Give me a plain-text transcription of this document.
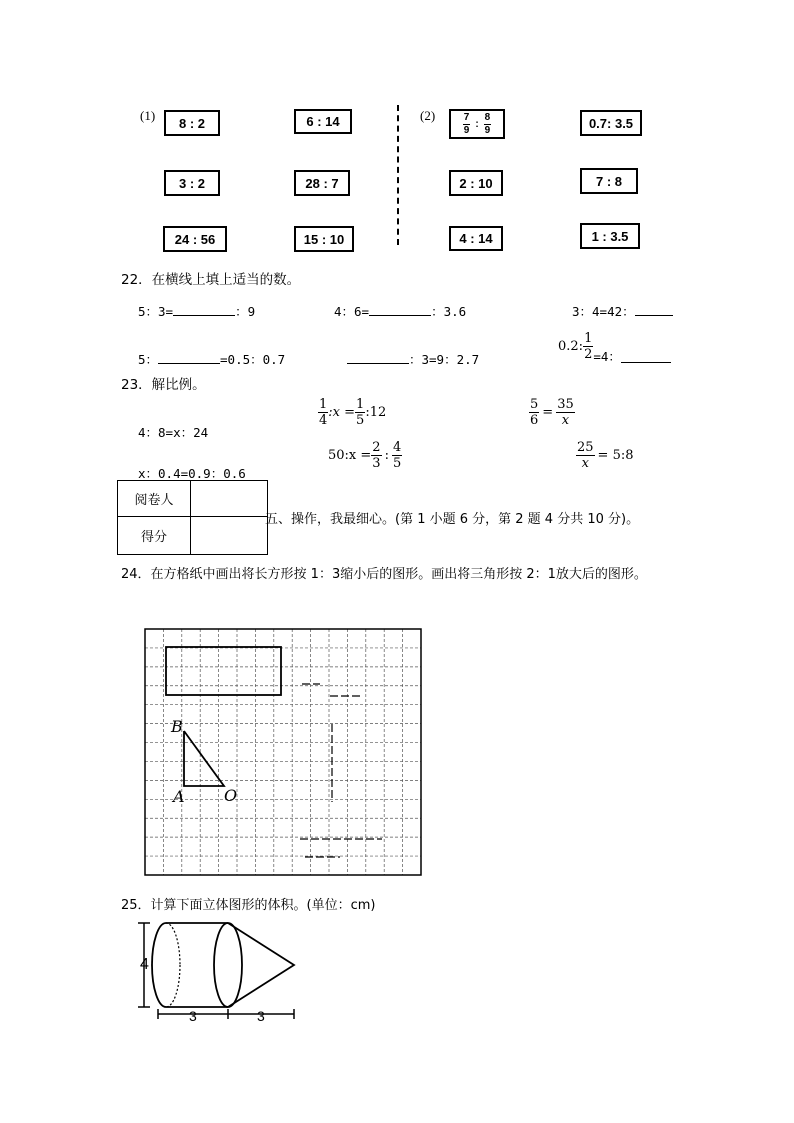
(1)	8 : 2	6 : 14
3 : 2	28 : 7
24 : 56	15 : 10
(2)	$\frac{7}{9}$ : $\frac{8}{9}$	0.7: 3.5
2 : 10	7 : 8
4 : 14	1 : 3.5
22．在横线上填上适当的数。
5：3=	：9	4：6=	：3.6	3：4=42：
5：	=0.5：0.7	：3=9：2.7
0.2: $\frac{1}{2} =4$：
23．解比例。
4：8=x：24
x：0.4=0.9：0.6
$\frac{1}{4}$ :x = $\frac{1}{5}$ :12
50:x = $\frac{2}{3}$ : $\frac{4}{5}$
$\frac{5}{6} = \frac{35}{x}$
$\frac{25}{x}$ = 5:8
阅卷人	
得分	
五、操作，我最细心。(第 1 小题 6 分，第 2 题 4 分共 10 分)。
24．在方格纸中画出将长方形按 1：3缩小后的图形。画出将三角形按 2：1放大后的图形。
B
A O
25．计算下面立体图形的体积。(单位：cm)
4
3	3
